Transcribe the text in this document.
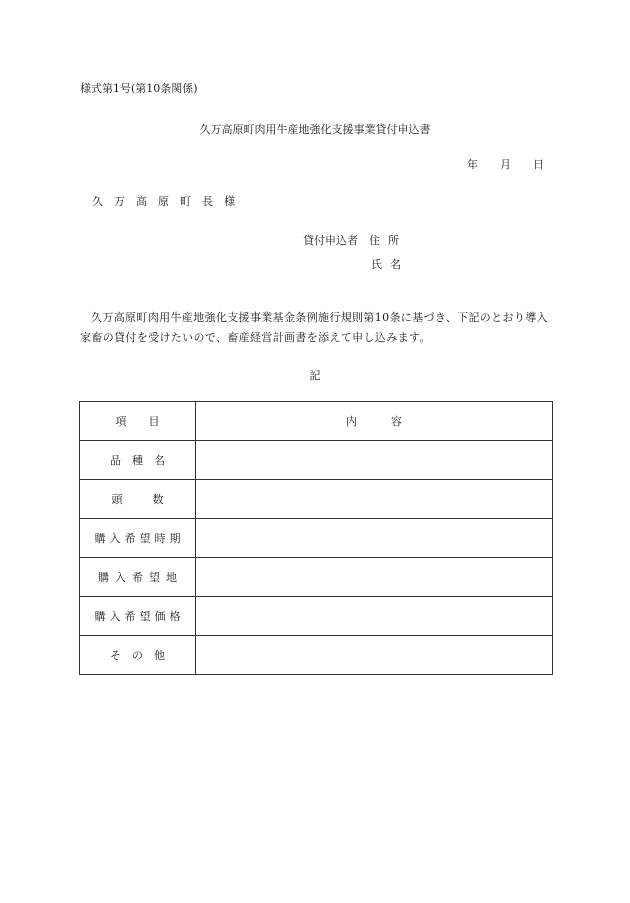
様式第1号(第10条関係)
久万高原町肉用牛産地強化支援事業貸付申込書
年 月 日
久万高原町長様
貸付申込者 住所
氏名
久万高原町肉用牛産地強化支援事業基金条例施行規則第10条に基づき、下記のとおり導入家畜の貸付を受けたいので、畜産経営計画書を添えて申し込みます。
記
項目	内容
品種名	
頭数	
購入希望時期	
購入希望地	
購入希望価格	
その他	
